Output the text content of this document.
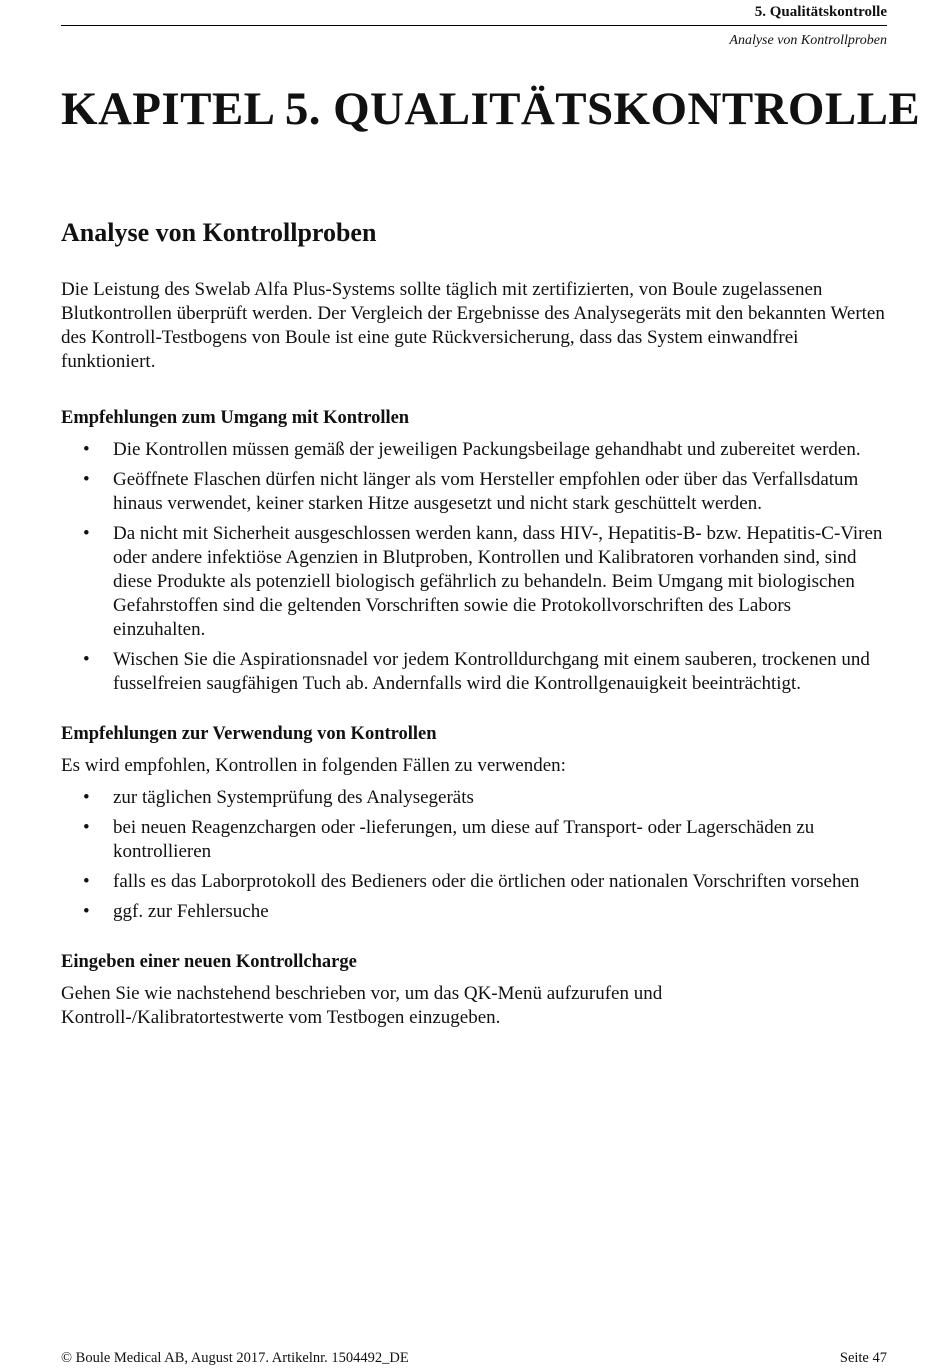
5. Qualitätskontrolle
Analyse von Kontrollproben
KAPITEL 5. QUALITÄTSKONTROLLE
Analyse von Kontrollproben

Die Leistung des Swelab Alfa Plus-Systems sollte täglich mit zertifizierten, von Boule zugelassenen Blutkontrollen überprüft werden. Der Vergleich der Ergebnisse des Analysegeräts mit den bekannten Werten des Kontroll-Testbogens von Boule ist eine gute Rückversicherung, dass das System einwandfrei funktioniert.

Empfehlungen zum Umgang mit Kontrollen
• Die Kontrollen müssen gemäß der jeweiligen Packungsbeilage gehandhabt und zubereitet werden.
• Geöffnete Flaschen dürfen nicht länger als vom Hersteller empfohlen oder über das Verfallsdatum hinaus verwendet, keiner starken Hitze ausgesetzt und nicht stark geschüttelt werden.
• Da nicht mit Sicherheit ausgeschlossen werden kann, dass HIV-, Hepatitis-B- bzw. Hepatitis-C-Viren oder andere infektiöse Agenzien in Blutproben, Kontrollen und Kalibratoren vorhanden sind, sind diese Produkte als potenziell biologisch gefährlich zu behandeln. Beim Umgang mit biologischen Gefahrstoffen sind die geltenden Vorschriften sowie die Protokollvorschriften des Labors einzuhalten.
• Wischen Sie die Aspirationsnadel vor jedem Kontrolldurchgang mit einem sauberen, trockenen und fusselfreien saugfähigen Tuch ab. Andernfalls wird die Kontrollgenauigkeit beeinträchtigt.
Empfehlungen zur Verwendung von Kontrollen

Es wird empfohlen, Kontrollen in folgenden Fällen zu verwenden:

• zur täglichen Systemprüfung des Analysegeräts
• bei neuen Reagenzchargen oder -lieferungen, um diese auf Transport- oder Lagerschäden zu kontrollieren
• falls es das Laborprotokoll des Bedieners oder die örtlichen oder nationalen Vorschriften vorsehen
• ggf. zur Fehlersuche
Eingeben einer neuen Kontrollcharge

Gehen Sie wie nachstehend beschrieben vor, um das QK-Menü aufzurufen und Kontroll-/Kalibratortestwerte vom Testbogen einzugeben.

© Boule Medical AB, August 2017. Artikelnr. 1504492_DE	Seite 47
